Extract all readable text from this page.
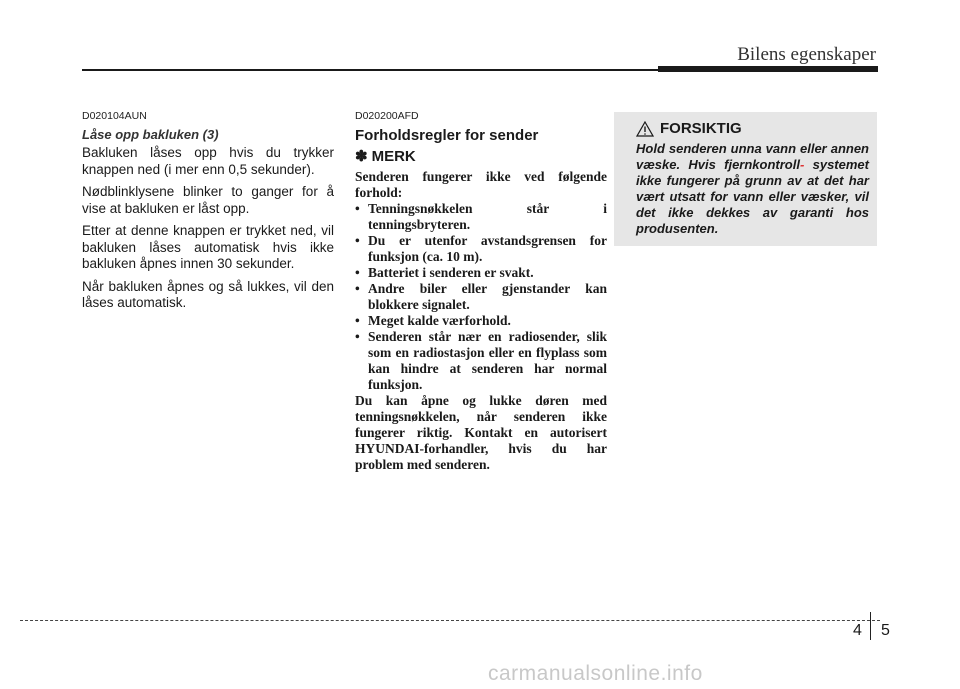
Bilens egenskaper
D020104AUN
Låse opp bakluken (3)

Bakluken låses opp hvis du trykker knappen ned (i mer enn 0,5 sekunder).

Nødblinklysene blinker to ganger for å vise at bakluken er låst opp.

Etter at denne knappen er trykket ned, vil bakluken låses automatisk hvis ikke bakluken åpnes innen 30 sekunder.

Når bakluken åpnes og så lukkes, vil den låses automatisk.

D020200AFD
Forholdsregler for sender
✽ MERK
Senderen fungerer ikke ved følgende forhold:
• Tenningsnøkkelen står i tenningsbryteren.
• Du er utenfor avstandsgrensen for funksjon (ca. 10 m).
• Batteriet i senderen er svakt.
• Andre biler eller gjenstander kan blokkere signalet.
• Meget kalde værforhold.
• Senderen står nær en radiosender, slik som en radiostasjon eller en flyplass som kan hindre at senderen har normal funksjon.
Du kan åpne og lukke døren med tenningsnøkkelen, når senderen ikke fungerer riktig. Kontakt en autorisert HYUNDAI-forhandler, hvis du har problem med senderen.
FORSIKTIG
Hold senderen unna vann eller annen væske. Hvis fjernkontroll- systemet ikke fungerer på grunn av at det har vært utsatt for vann eller væsker, vil det ikke dekkes av garanti hos produsenten.
4 5
carmanualsonline.info
